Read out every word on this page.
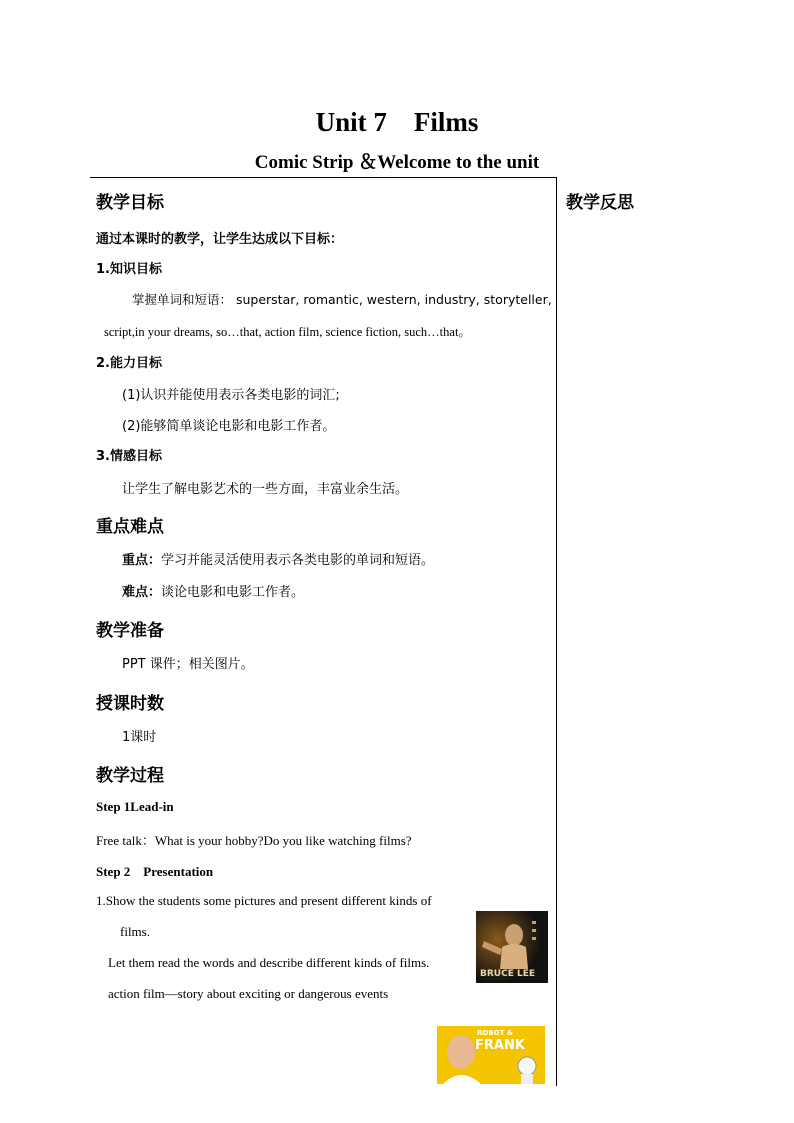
Unit 7　Films
Comic Strip ＆Welcome to the unit
教学反思
教学目标
通过本课时的教学，让学生达成以下目标：
1.知识目标
掌握单词和短语： superstar, romantic, western, industry, storyteller,
script,in your dreams, so…that, action film, science fiction, such…that。
2.能力目标
(1)认识并能使用表示各类电影的词汇;
(2)能够简单谈论电影和电影工作者。
3.情感目标
让学生了解电影艺术的一些方面，丰富业余生活。
重点难点
重点：学习并能灵活使用表示各类电影的单词和短语。
难点：谈论电影和电影工作者。
教学准备
PPT 课件；相关图片。
授课时数
1课时
教学过程
Step 1Lead-in
Free talk：What is your hobby?Do you like watching films?
Step 2　Presentation
1.Show the students some pictures and present different kinds of
films.
Let them read the words and describe different kinds of films.
action film—story about exciting or dangerous events
BRUCE LEE
ROBOT &
FRANK
